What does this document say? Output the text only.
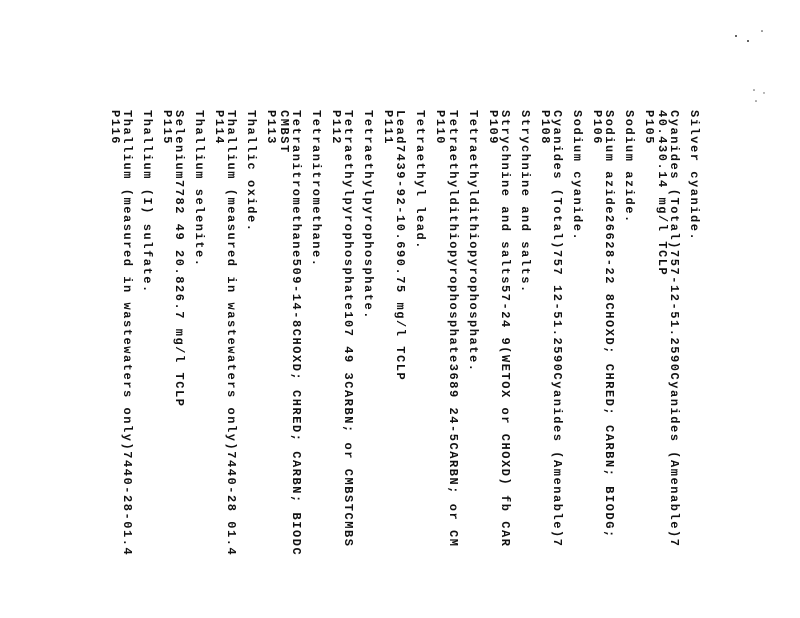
Silver cyanide.
Cyanides (Total)757-12-51.2590Cyanides (Amenable)7
40.430.14 mg/l TCLP
P105
Sodium azide.
Sodium azide26628-22 8CHOXD; CHRED; CARBN; BIODG;
P106
Sodium cyanide.
Cyanides (Total)757 12-51.2590Cyanides (Amenable)7
P108
Strychnine and salts.
Strychnine and salts57-24 9(WETOX or CHOXD) fb CAR
P109
Tetraethyldithiopyrophosphate.
Tetraethyldithiopyrophosphate3689 24-5CARBN; or CM
P110
Tetraethyl lead.
Lead7439-92-10.690.75 mg/l TCLP
P111
Tetraethylpyrophosphate.
Tetraethylpyrophosphate107 49 3CARBN; or CMBSTCMBS
P112
Tetranitromethane.
Tetranitromethane509-14-8CHOXD; CHRED; CARBN; BIODC
CMBST
P113
Thallic oxide.
Thallium (measured in wastewaters only)7440-28 01.4
P114
Thallium selenite.
Selenium7782 49 20.826.7 mg/l TCLP
P115
Thallium (I) sulfate.
Thallium (measured in wastewaters only)7440-28-01.4
P116
